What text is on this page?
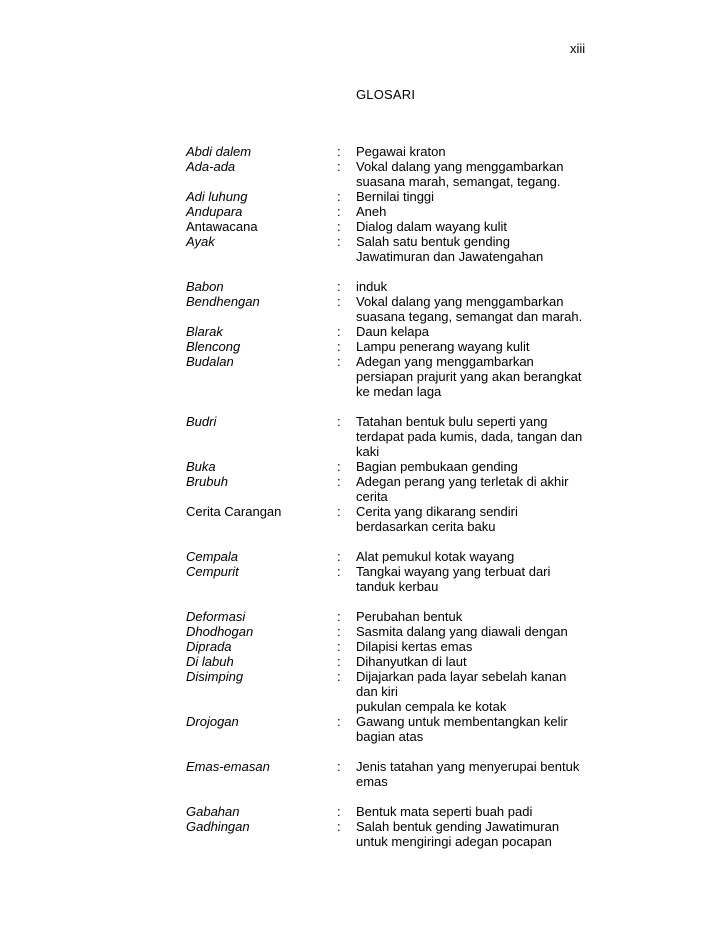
xiii
GLOSARI
Abdi dalem	: Pegawai kraton
Ada-ada	: Vokal dalang yang menggambarkan
suasana marah, semangat, tegang.
Adi luhung	: Bernilai tinggi
Andupara	: Aneh
Antawacana	: Dialog dalam wayang kulit
Ayak	: Salah satu bentuk gending
Jawatimuran dan Jawatengahan
Babon	: induk
Bendhengan	: Vokal dalang yang menggambarkan
suasana tegang, semangat dan marah.
Blarak	: Daun kelapa
Blencong	: Lampu penerang wayang kulit
Budalan	: Adegan yang menggambarkan
persiapan prajurit yang akan berangkat
ke medan laga
Budri	: Tatahan bentuk bulu seperti yang
terdapat pada kumis, dada, tangan dan
kaki
Buka	: Bagian pembukaan gending
Brubuh	: Adegan perang yang terletak di akhir
cerita
Cerita Carangan	: Cerita yang dikarang sendiri
berdasarkan cerita baku
Cempala	: Alat pemukul kotak wayang
Cempurit	: Tangkai wayang yang terbuat dari
tanduk kerbau
Deformasi	: Perubahan bentuk
Dhodhogan	: Sasmita dalang yang diawali dengan
Diprada	: Dilapisi kertas emas
Di labuh	: Dihanyutkan di laut
Disimping	: Dijajarkan pada layar sebelah kanan
dan kiri
pukulan cempala ke kotak
Drojogan	: Gawang untuk membentangkan kelir
bagian atas
Emas-emasan	: Jenis tatahan yang menyerupai bentuk
emas
Gabahan	: Bentuk mata seperti buah padi
Gadhingan	: Salah bentuk gending Jawatimuran
untuk mengiringi adegan pocapan
